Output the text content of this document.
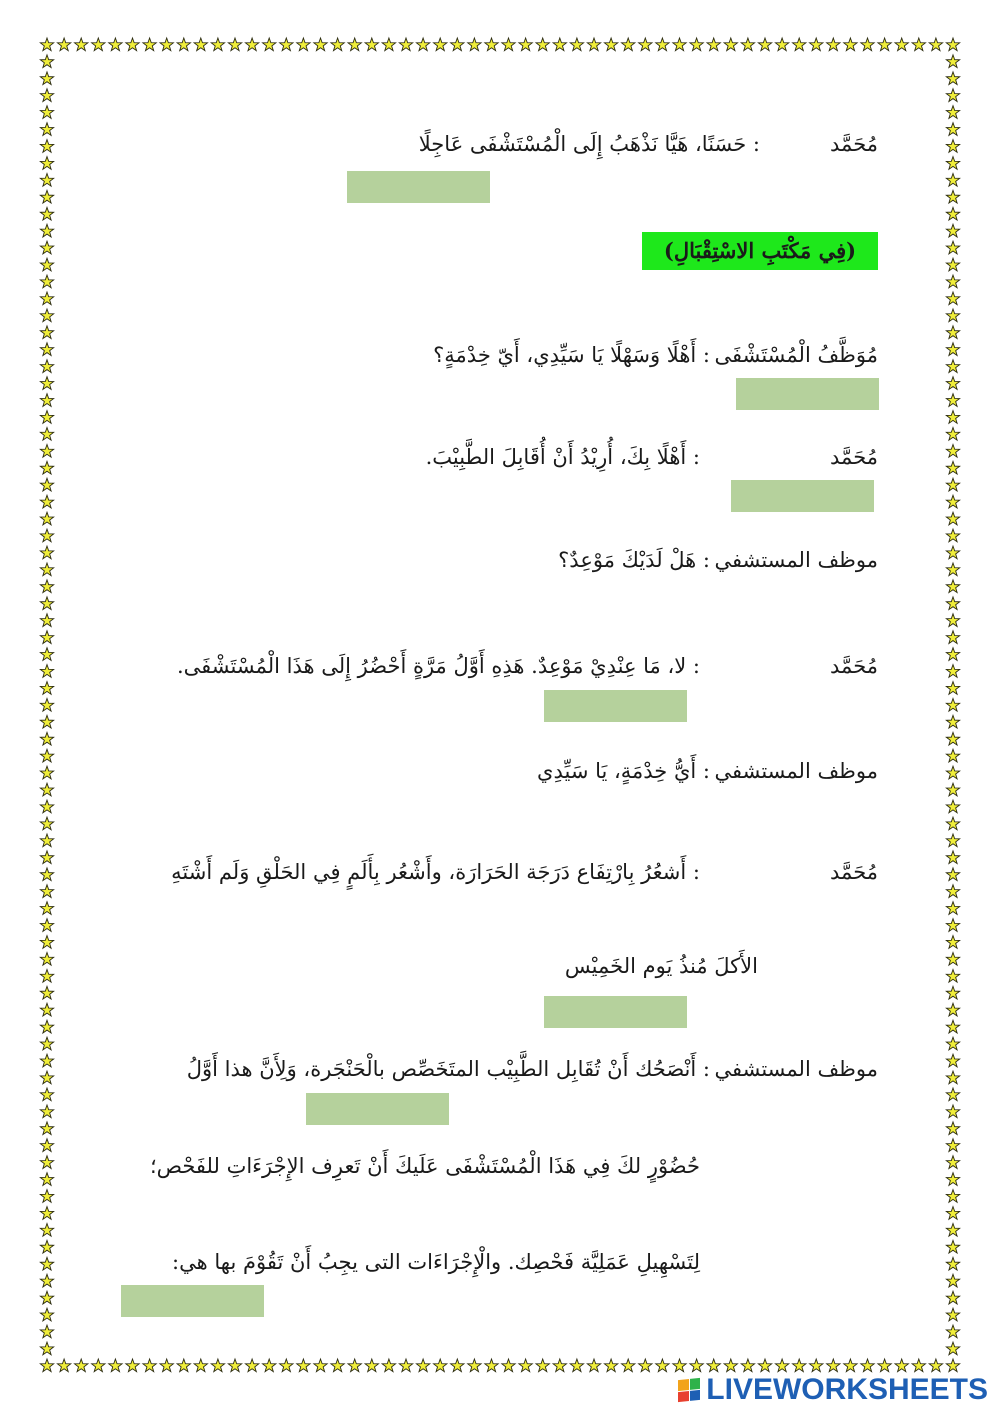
مُحَمَّد
: حَسَنًا، هَيَّا نَذْهَبُ إِلَى الْمُسْتَشْفَى عَاجِلًا
(فِي مَكْتَبِ الاسْتِقْبَالِ)
مُوَظَّفُ الْمُسْتَشْفَى
: أَهْلًا وَسَهْلًا يَا سَيِّدِي، أَيّ خِدْمَةٍ؟
مُحَمَّد
: أَهْلًا بِكَ، أُرِيْدُ أَنْ أُقَابِلَ الطَّبِيْبَ.
موظف المستشفي
: هَلْ لَدَيْكَ مَوْعِدٌ؟
مُحَمَّد
: لا، مَا عِنْدِيْ مَوْعِدٌ. هَذِهِ أَوَّلُ مَرَّةٍ أَحْضُرُ إِلَى هَذَا الْمُسْتَشْفَى.
موظف المستشفي
: أَيُّ خِدْمَةٍ، يَا سَيِّدِي
مُحَمَّد
: أَشعُرُ بِارْتِفَاع دَرَجَة الحَرَارَة، وأَشْعُر بِأَلَمٍ فِي الحَلْقِ وَلَم أَشْتَهِ
الأَكلَ مُنذُ يَوم الخَمِيْس
موظف المستشفي
: أَنْصَحُك أَنْ تُقَابِل الطَّبِيْب المتَخَصِّص بالْحَنْجَرة، وَلِأَنَّ هذا أَوَّلُ
حُضُوْرٍ لكَ فِي هَذَا الْمُسْتَشْفَى عَلَيكَ أَنْ تَعرِف الإِجْرَءَاتِ للفَحْص؛
لِتَسْهِيلِ عَمَلِيَّة فَحْصِك. والْإِجْرَاءَات التى يجِبُ أَنْ تَقُوْمَ بها هي:
LIVEWORKSHEETS
